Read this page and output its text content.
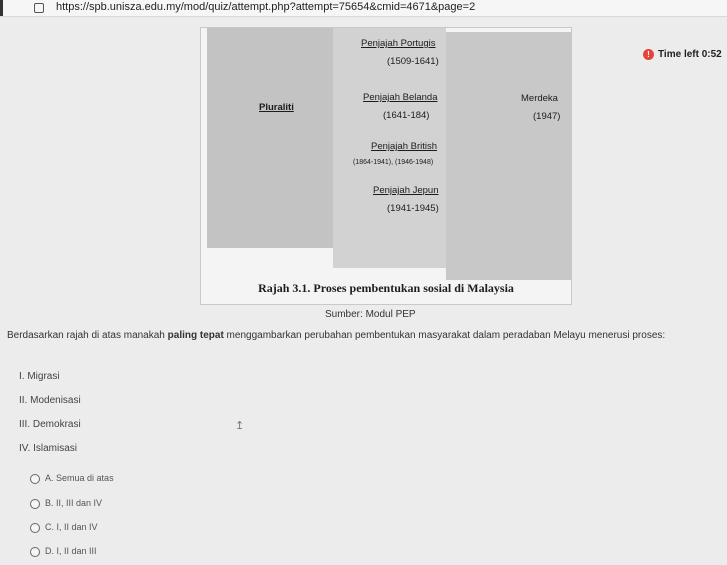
https://spb.unisza.edu.my/mod/quiz/attempt.php?attempt=75654&cmid=4671&page=2
Penjajah Portugis
(1509-1641)
Penjajah Belanda
(1641-184)
Pluraliti
Merdeka
(1947)
Penjajah British
(1864-1941), (1946-1948)
Penjajah Jepun
(1941-1945)
Rajah 3.1. Proses pembentukan sosial di Malaysia
! Time left 0:52
Sumber: Modul PEP
Berdasarkan rajah di atas manakah paling tepat menggambarkan perubahan pembentukan masyarakat dalam peradaban Melayu menerusi proses:
I. Migrasi
II. Modenisasi
III. Demokrasi
IV. Islamisasi
↥
A. Semua di atas
B. II, III dan IV
C. I, II dan IV
D. I, II dan III
